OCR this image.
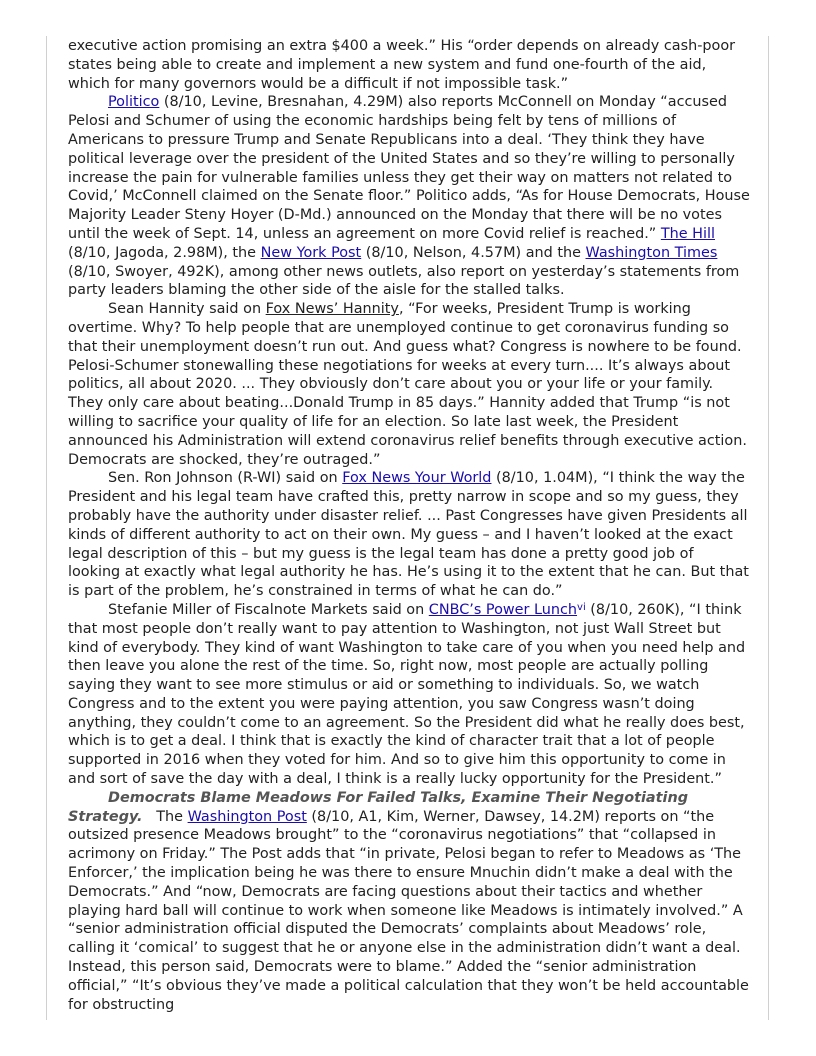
executive action promising an extra $400 a week.” His “order depends on already cash-poor states being able to create and implement a new system and fund one-fourth of the aid, which for many governors would be a difficult if not impossible task.”

Politico (8/10, Levine, Bresnahan, 4.29M) also reports McConnell on Monday “accused Pelosi and Schumer of using the economic hardships being felt by tens of millions of Americans to pressure Trump and Senate Republicans into a deal. ‘They think they have political leverage over the president of the United States and so they’re willing to personally increase the pain for vulnerable families unless they get their way on matters not related to Covid,’ McConnell claimed on the Senate floor.” Politico adds, “As for House Democrats, House Majority Leader Steny Hoyer (D-Md.) announced on the Monday that there will be no votes until the week of Sept. 14, unless an agreement on more Covid relief is reached.” The Hill (8/10, Jagoda, 2.98M), the New York Post (8/10, Nelson, 4.57M) and the Washington Times (8/10, Swoyer, 492K), among other news outlets, also report on yesterday’s statements from party leaders blaming the other side of the aisle for the stalled talks.

Sean Hannity said on Fox News’ Hannity, “For weeks, President Trump is working overtime. Why? To help people that are unemployed continue to get coronavirus funding so that their unemployment doesn’t run out. And guess what? Congress is nowhere to be found. Pelosi-Schumer stonewalling these negotiations for weeks at every turn.... It’s always about politics, all about 2020. ... They obviously don’t care about you or your life or your family. They only care about beating...Donald Trump in 85 days.” Hannity added that Trump “is not willing to sacrifice your quality of life for an election. So late last week, the President announced his Administration will extend coronavirus relief benefits through executive action. Democrats are shocked, they’re outraged.”

Sen. Ron Johnson (R-WI) said on Fox News Your World (8/10, 1.04M), “I think the way the President and his legal team have crafted this, pretty narrow in scope and so my guess, they probably have the authority under disaster relief. ... Past Congresses have given Presidents all kinds of different authority to act on their own. My guess – and I haven’t looked at the exact legal description of this – but my guess is the legal team has done a pretty good job of looking at exactly what legal authority he has. He’s using it to the extent that he can. But that is part of the problem, he’s constrained in terms of what he can do.”

Stefanie Miller of Fiscalnote Markets said on CNBC’s Power Lunch$^{vi}$ (8/10, 260K), “I think that most people don’t really want to pay attention to Washington, not just Wall Street but kind of everybody. They kind of want Washington to take care of you when you need help and then leave you alone the rest of the time. So, right now, most people are actually polling saying they want to see more stimulus or aid or something to individuals. So, we watch Congress and to the extent you were paying attention, you saw Congress wasn’t doing anything, they couldn’t come to an agreement. So the President did what he really does best, which is to get a deal. I think that is exactly the kind of character trait that a lot of people supported in 2016 when they voted for him. And so to give him this opportunity to come in and sort of save the day with a deal, I think is a really lucky opportunity for the President.”

Democrats Blame Meadows For Failed Talks, Examine Their Negotiating Strategy.   The Washington Post (8/10, A1, Kim, Werner, Dawsey, 14.2M) reports on “the outsized presence Meadows brought” to the “coronavirus negotiations” that “collapsed in acrimony on Friday.” The Post adds that “in private, Pelosi began to refer to Meadows as ‘The Enforcer,’ the implication being he was there to ensure Mnuchin didn’t make a deal with the Democrats.” And “now, Democrats are facing questions about their tactics and whether playing hard ball will continue to work when someone like Meadows is intimately involved.” A “senior administration official disputed the Democrats’ complaints about Meadows’ role, calling it ‘comical’ to suggest that he or anyone else in the administration didn’t want a deal. Instead, this person said, Democrats were to blame.” Added the “senior administration official,” “It’s obvious they’ve made a political calculation that they won’t be held accountable for obstructing
